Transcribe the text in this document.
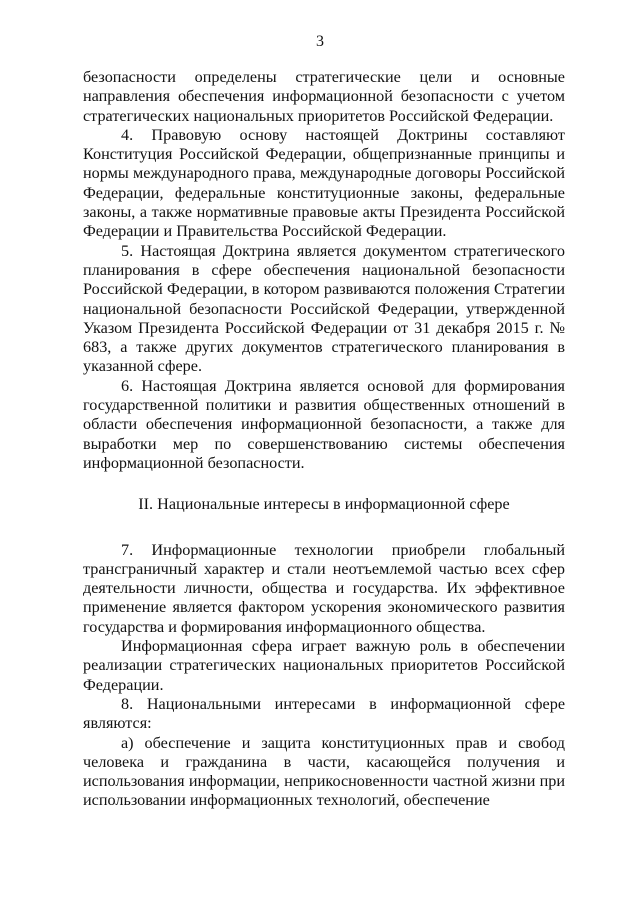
3

безопасности определены стратегические цели и основные направления обеспечения информационной безопасности с учетом стратегических национальных приоритетов Российской Федерации.

4. Правовую основу настоящей Доктрины составляют Конституция Российской Федерации, общепризнанные принципы и нормы международного права, международные договоры Российской Федерации, федеральные конституционные законы, федеральные законы, а также нормативные правовые акты Президента Российской Федерации и Правительства Российской Федерации.

5. Настоящая Доктрина является документом стратегического планирования в сфере обеспечения национальной безопасности Российской Федерации, в котором развиваются положения Стратегии национальной безопасности Российской Федерации, утвержденной Указом Президента Российской Федерации от 31 декабря 2015 г. № 683, а также других документов стратегического планирования в указанной сфере.

6. Настоящая Доктрина является основой для формирования государственной политики и развития общественных отношений в области обеспечения информационной безопасности, а также для выработки мер по совершенствованию системы обеспечения информационной безопасности.

II. Национальные интересы в информационной сфере

7. Информационные технологии приобрели глобальный трансграничный характер и стали неотъемлемой частью всех сфер деятельности личности, общества и государства. Их эффективное применение является фактором ускорения экономического развития государства и формирования информационного общества.

Информационная сфера играет важную роль в обеспечении реализации стратегических национальных приоритетов Российской Федерации.

8. Национальными интересами в информационной сфере являются:

а) обеспечение и защита конституционных прав и свобод человека и гражданина в части, касающейся получения и использования информации, неприкосновенности частной жизни при использовании информационных технологий, обеспечение
